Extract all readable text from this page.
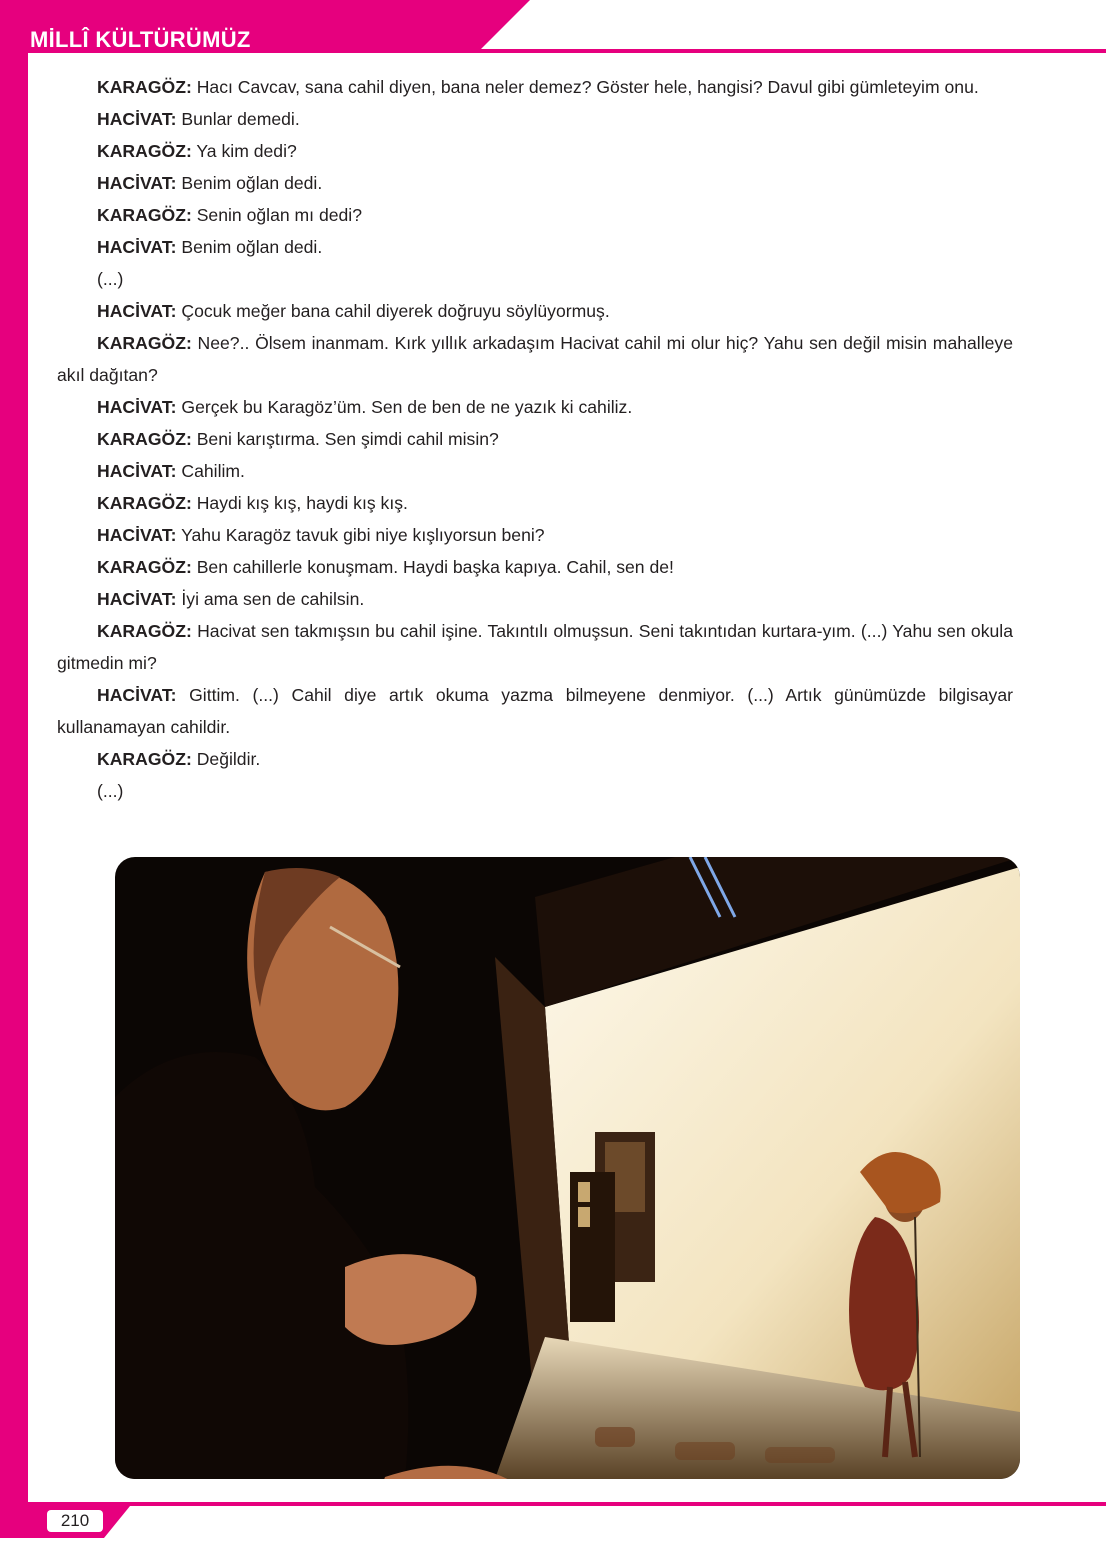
MİLLÎ KÜLTÜRÜMÜZ

KARAGÖZ: Hacı Cavcav, sana cahil diyen, bana neler demez? Göster hele, hangisi? Davul gibi gümleteyim onu.

HACİVAT: Bunlar demedi.

KARAGÖZ: Ya kim dedi?

HACİVAT: Benim oğlan dedi.

KARAGÖZ: Senin oğlan mı dedi?

HACİVAT: Benim oğlan dedi.

(...)

HACİVAT: Çocuk meğer bana cahil diyerek doğruyu söylüyormuş.

KARAGÖZ: Nee?.. Ölsem inanmam. Kırk yıllık arkadaşım Hacivat cahil mi olur hiç? Yahu sen değil misin mahalleye akıl dağıtan?

HACİVAT: Gerçek bu Karagöz’üm. Sen de ben de ne yazık ki cahiliz.

KARAGÖZ: Beni karıştırma. Sen şimdi cahil misin?

HACİVAT: Cahilim.

KARAGÖZ: Haydi kış kış, haydi kış kış.

HACİVAT: Yahu Karagöz tavuk gibi niye kışlıyorsun beni?

KARAGÖZ: Ben cahillerle konuşmam. Haydi başka kapıya. Cahil, sen de!

HACİVAT: İyi ama sen de cahilsin.

KARAGÖZ: Hacivat sen takmışsın bu cahil işine. Takıntılı olmuşsun. Seni takıntıdan kurtara-yım. (...) Yahu sen okula gitmedin mi?

HACİVAT: Gittim. (...) Cahil diye artık okuma yazma bilmeyene denmiyor. (...) Artık günümüzde bilgisayar kullanamayan cahildir.

KARAGÖZ: Değildir.

(...)

210
